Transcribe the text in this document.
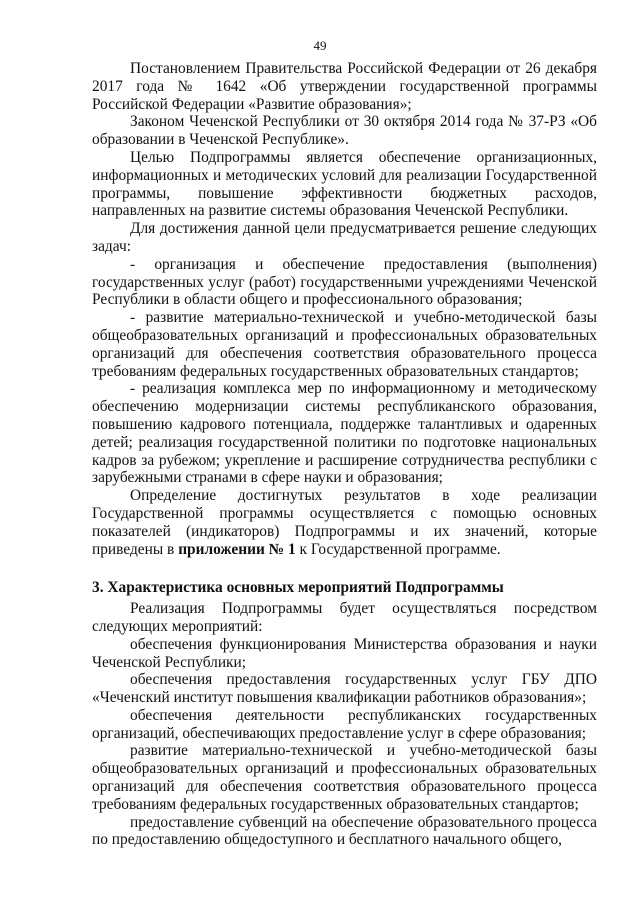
49

Постановлением Правительства Российской Федерации от 26 декабря 2017 года № 1642 «Об утверждении государственной программы Российской Федерации «Развитие образования»;

Законом Чеченской Республики от 30 октября 2014 года № 37-РЗ «Об образовании в Чеченской Республике».

Целью Подпрограммы является обеспечение организационных, информационных и методических условий для реализации Государственной программы, повышение эффективности бюджетных расходов, направленных на развитие системы образования Чеченской Республики.

Для достижения данной цели предусматривается решение следующих задач:

- организация и обеспечение предоставления (выполнения) государственных услуг (работ) государственными учреждениями Чеченской Республики в области общего и профессионального образования;

- развитие материально-технической и учебно-методической базы общеобразовательных организаций и профессиональных образовательных организаций для обеспечения соответствия образовательного процесса требованиям федеральных государственных образовательных стандартов;

- реализация комплекса мер по информационному и методическому обеспечению модернизации системы республиканского образования, повышению кадрового потенциала, поддержке талантливых и одаренных детей; реализация государственной политики по подготовке национальных кадров за рубежом; укрепление и расширение сотрудничества республики с зарубежными странами в сфере науки и образования;

Определение достигнутых результатов в ходе реализации Государственной программы осуществляется с помощью основных показателей (индикаторов) Подпрограммы и их значений, которые приведены в приложении № 1 к Государственной программе.

3. Характеристика основных мероприятий Подпрограммы

Реализация Подпрограммы будет осуществляться посредством следующих мероприятий:

обеспечения функционирования Министерства образования и науки Чеченской Республики;

обеспечения предоставления государственных услуг ГБУ ДПО «Чеченский институт повышения квалификации работников образования»;

обеспечения деятельности республиканских государственных организаций, обеспечивающих предоставление услуг в сфере образования;

развитие материально-технической и учебно-методической базы общеобразовательных организаций и профессиональных образовательных организаций для обеспечения соответствия образовательного процесса требованиям федеральных государственных образовательных стандартов;

предоставление субвенций на обеспечение образовательного процесса по предоставлению общедоступного и бесплатного начального общего,
